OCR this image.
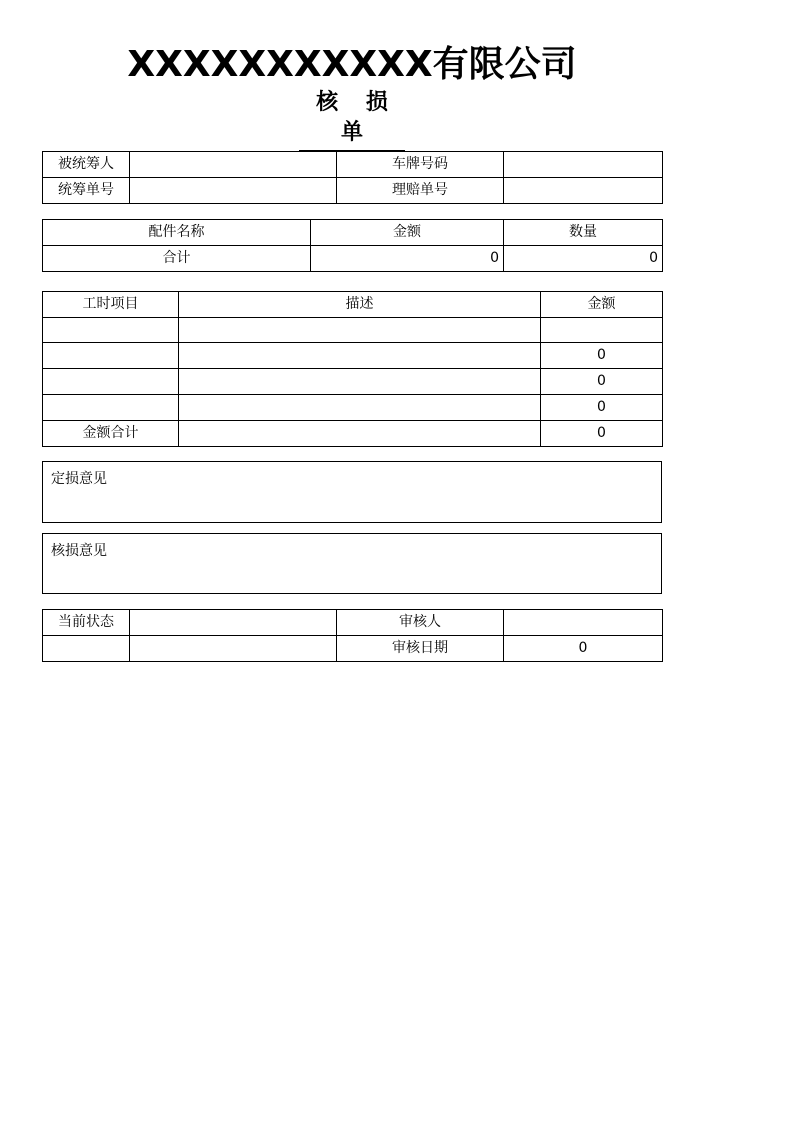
XXXXXXXXXXX有限公司
核 损 单
被统筹人		车牌号码	
统筹单号		理赔单号	
配件名称	金额	数量
合计	0	0
工时项目	描述	金额

		0
		0
		0
金额合计		0
定损意见
核损意见
当前状态		审核人	
		审核日期	0
